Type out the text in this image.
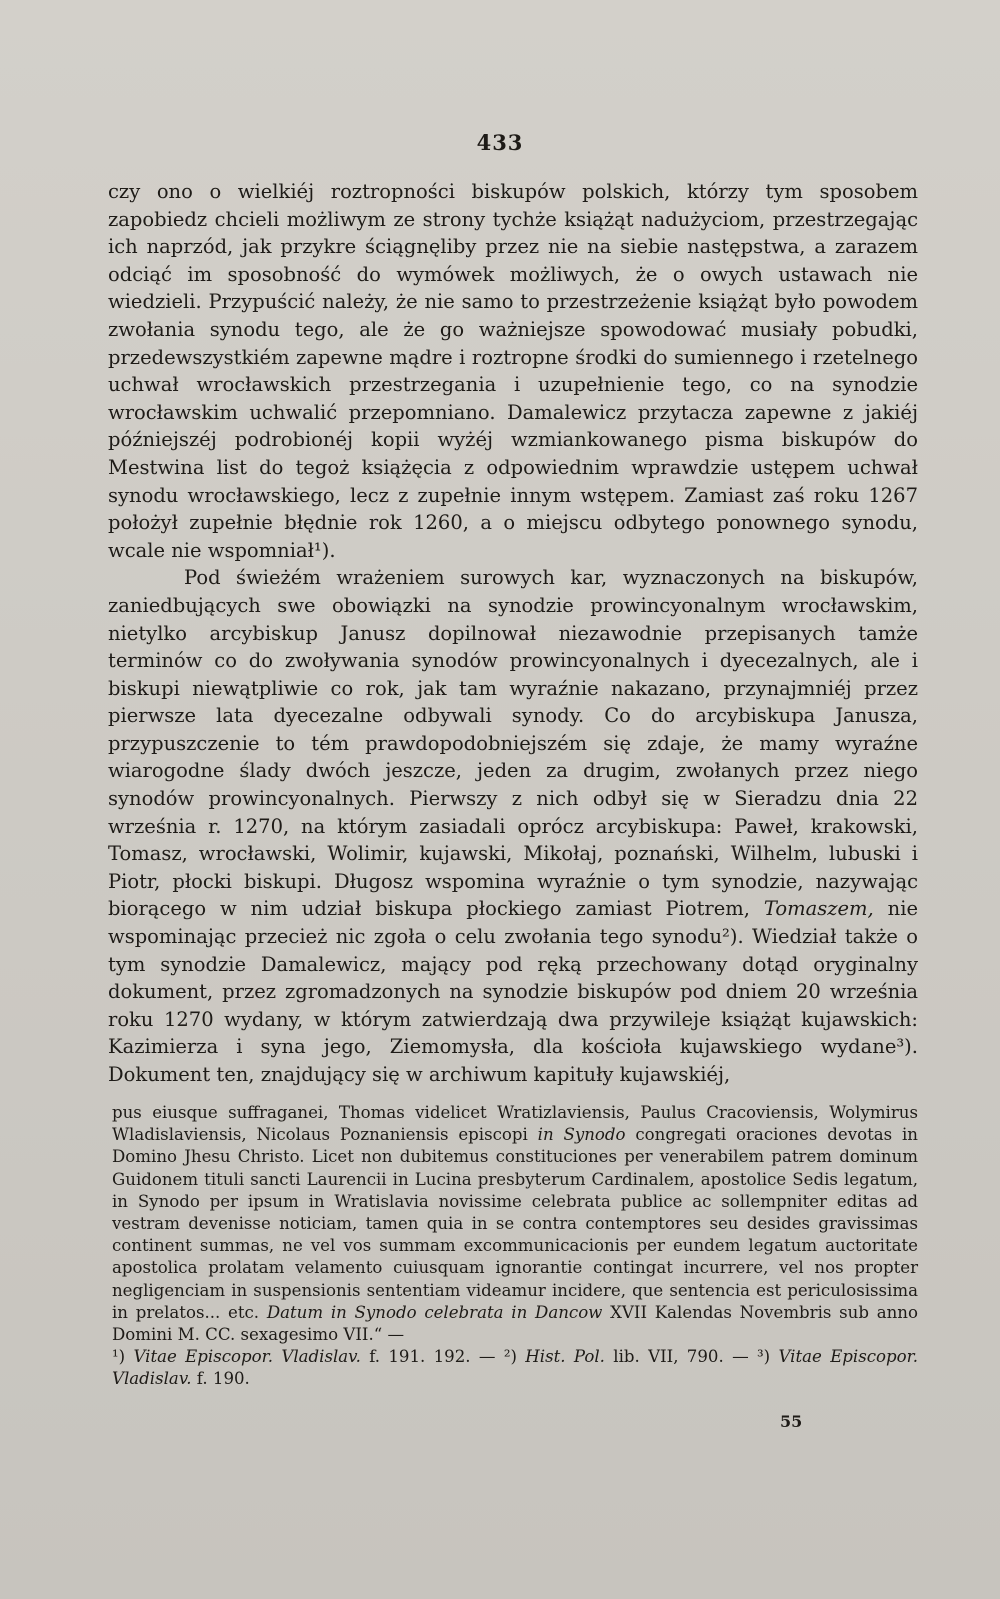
433

czy ono o wielkiéj roztropności biskupów polskich, którzy tym sposobem zapobiedz chcieli możliwym ze strony tychże książąt nadużyciom, przestrzegając ich naprzód, jak przykre ściągnęliby przez nie na siebie następstwa, a zarazem odciąć im sposobność do wymówek możliwych, że o owych ustawach nie wiedzieli. Przypuścić należy, że nie samo to przestrzeżenie książąt było powodem zwołania synodu tego, ale że go ważniejsze spowodować musiały pobudki, przedewszystkiém zapewne mądre i roztropne środki do sumiennego i rzetelnego uchwał wrocławskich przestrzegania i uzupełnienie tego, co na synodzie wrocławskim uchwalić przepomniano. Damalewicz przytacza zapewne z jakiéj późniejszéj podrobionéj kopii wyżéj wzmiankowanego pisma biskupów do Mestwina list do tegoż książęcia z odpowiednim wprawdzie ustępem uchwał synodu wrocławskiego, lecz z zupełnie innym wstępem. Zamiast zaś roku 1267 położył zupełnie błędnie rok 1260, a o miejscu odbytego ponownego synodu, wcale nie wspomniał¹).

Pod świeżém wrażeniem surowych kar, wyznaczonych na biskupów, zaniedbujących swe obowiązki na synodzie prowincyonalnym wrocławskim, nietylko arcybiskup Janusz dopilnował niezawodnie przepisanych tamże terminów co do zwoływania synodów prowincyonalnych i dyecezalnych, ale i biskupi niewątpliwie co rok, jak tam wyraźnie nakazano, przynajmniéj przez pierwsze lata dyecezalne odbywali synody. Co do arcybiskupa Janusza, przypuszczenie to tém prawdopodobniejszém się zdaje, że mamy wyraźne wiarogodne ślady dwóch jeszcze, jeden za drugim, zwołanych przez niego synodów prowincyonalnych. Pierwszy z nich odbył się w Sieradzu dnia 22 września r. 1270, na którym zasiadali oprócz arcybiskupa: Paweł, krakowski, Tomasz, wrocławski, Wolimir, kujawski, Mikołaj, poznański, Wilhelm, lubuski i Piotr, płocki biskupi. Długosz wspomina wyraźnie o tym synodzie, nazywając biorącego w nim udział biskupa płockiego zamiast Piotrem, Tomaszem, nie wspominając przecież nic zgoła o celu zwołania tego synodu²). Wiedział także o tym synodzie Damalewicz, mający pod ręką przechowany dotąd oryginalny dokument, przez zgromadzonych na synodzie biskupów pod dniem 20 września roku 1270 wydany, w którym zatwierdzają dwa przywileje książąt kujawskich: Kazimierza i syna jego, Ziemomysła, dla kościoła kujawskiego wydane³). Dokument ten, znajdujący się w archiwum kapituły kujawskiéj,

pus eiusque suffraganei, Thomas videlicet Wratizlaviensis, Paulus Cracoviensis, Wolymirus Wladislaviensis, Nicolaus Poznaniensis episcopi in Synodo congregati oraciones devotas in Domino Jhesu Christo. Licet non dubitemus constituciones per venerabilem patrem dominum Guidonem tituli sancti Laurencii in Lucina presbyterum Cardinalem, apostolice Sedis legatum, in Synodo per ipsum in Wratislavia novissime celebrata publice ac sollempniter editas ad vestram devenisse noticiam, tamen quia in se contra contemptores seu desides gravissimas continent summas, ne vel vos summam excommunicacionis per eundem legatum auctoritate apostolica prolatam velamento cuiusquam ignorantie contingat incurrere, vel nos propter negligenciam in suspensionis sententiam videamur incidere, que sentencia est periculosissima in prelatos... etc. Datum in Synodo celebrata in Dancow XVII Kalendas Novembris sub anno Domini M. CC. sexagesimo VII.“ —

¹) Vitae Episcopor. Vladislav. f. 191. 192. — ²) Hist. Pol. lib. VII, 790. — ³) Vitae Episcopor. Vladislav. f. 190.

55
